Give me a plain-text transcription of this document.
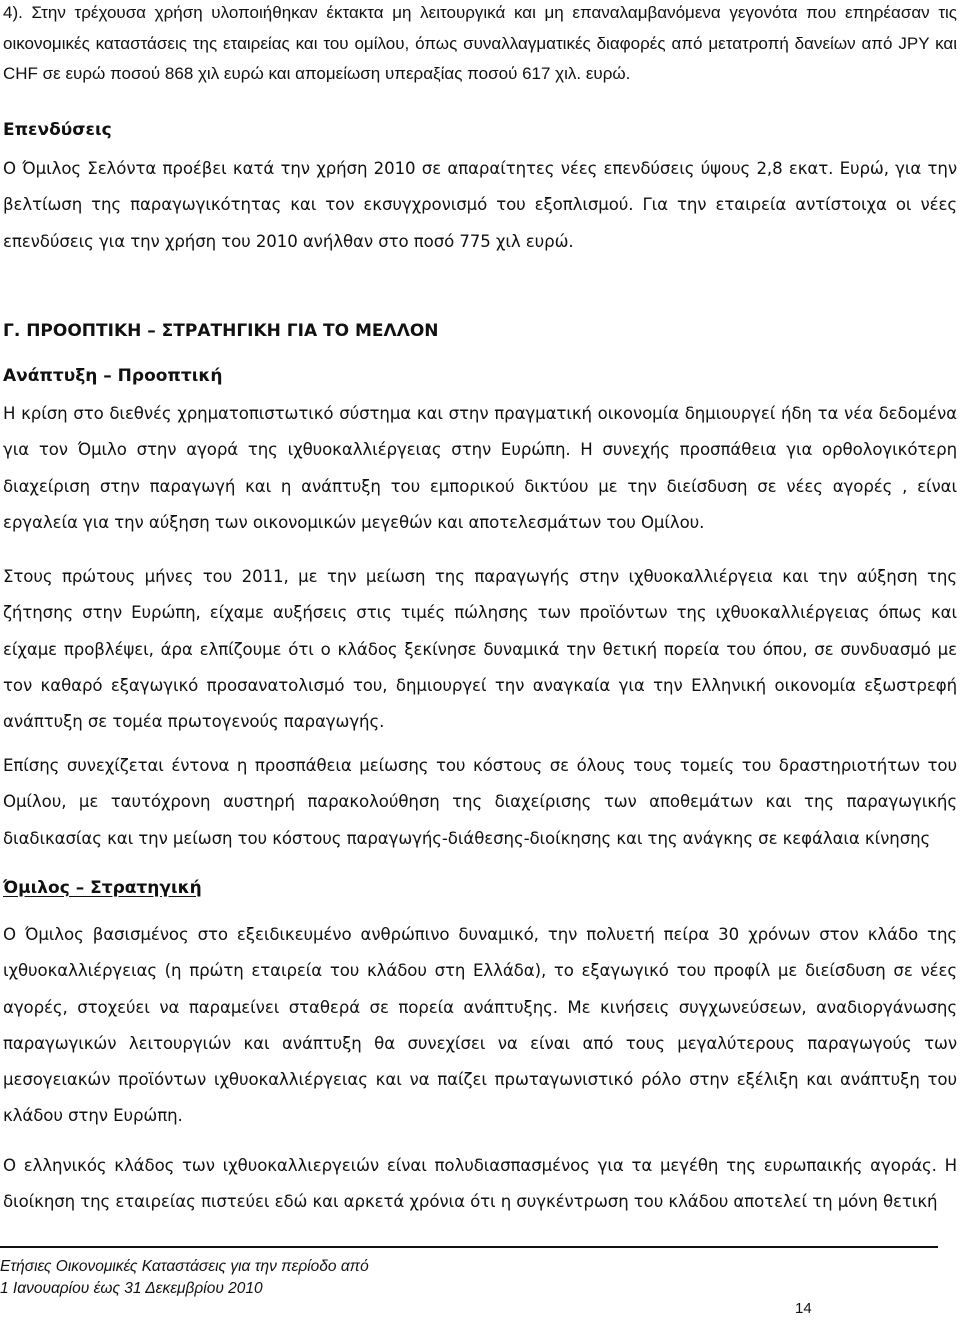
4). Στην τρέχουσα χρήση υλοποιήθηκαν έκτακτα μη λειτουργικά και μη επαναλαμβανόμενα γεγονότα που επηρέασαν τις οικονομικές καταστάσεις της εταιρείας και του ομίλου, όπως συναλλαγματικές διαφορές από μετατροπή δανείων από JPY και CHF σε ευρώ ποσού 868 χιλ ευρώ και απομείωση υπεραξίας ποσού 617 χιλ. ευρώ.

Επενδύσεις

Ο Όμιλος Σελόντα προέβει κατά την χρήση 2010 σε απαραίτητες νέες επενδύσεις ύψους 2,8 εκατ. Ευρώ, για την βελτίωση της παραγωγικότητας και τον εκσυγχρονισμό του εξοπλισμού. Για την εταιρεία αντίστοιχα οι νέες επενδύσεις για την χρήση του 2010 ανήλθαν στο ποσό 775 χιλ ευρώ.

Γ. ΠΡΟΟΠΤΙΚΗ – ΣΤΡΑΤΗΓΙΚΗ ΓΙΑ ΤΟ ΜΕΛΛΟΝ
Ανάπτυξη – Προοπτική

Η κρίση στο διεθνές χρηματοπιστωτικό σύστημα και στην πραγματική οικονομία δημιουργεί ήδη τα νέα δεδομένα για τον Όμιλο στην αγορά της ιχθυοκαλλιέργειας στην Ευρώπη. Η συνεχής προσπάθεια για ορθολογικότερη διαχείριση στην παραγωγή και η ανάπτυξη του εμπορικού δικτύου με την διείσδυση σε νέες αγορές , είναι εργαλεία για την αύξηση των οικονομικών μεγεθών και αποτελεσμάτων του Ομίλου.

Στους πρώτους μήνες του 2011, με την μείωση της παραγωγής στην ιχθυοκαλλιέργεια και την αύξηση της ζήτησης στην Ευρώπη, είχαμε αυξήσεις στις τιμές πώλησης των προϊόντων της ιχθυοκαλλιέργειας όπως και είχαμε προβλέψει, άρα ελπίζουμε ότι ο κλάδος ξεκίνησε δυναμικά την θετική πορεία του όπου, σε συνδυασμό με τον καθαρό εξαγωγικό προσανατολισμό του, δημιουργεί την αναγκαία για την Ελληνική οικονομία εξωστρεφή ανάπτυξη σε τομέα πρωτογενούς παραγωγής.

Επίσης συνεχίζεται έντονα η προσπάθεια μείωσης του κόστους σε όλους τους τομείς του δραστηριοτήτων του Ομίλου, με ταυτόχρονη αυστηρή παρακολούθηση της διαχείρισης των αποθεμάτων και της παραγωγικής διαδικασίας και την μείωση του κόστους παραγωγής-διάθεσης-διοίκησης και της ανάγκης σε κεφάλαια κίνησης

Όμιλος – Στρατηγική

Ο Όμιλος βασισμένος στο εξειδικευμένο ανθρώπινο δυναμικό, την πολυετή πείρα 30 χρόνων στον κλάδο της ιχθυοκαλλιέργειας (η πρώτη εταιρεία του κλάδου στη Ελλάδα), το εξαγωγικό του προφίλ με διείσδυση σε νέες αγορές, στοχεύει να παραμείνει σταθερά σε πορεία ανάπτυξης. Με κινήσεις συγχωνεύσεων, αναδιοργάνωσης παραγωγικών λειτουργιών και ανάπτυξη θα συνεχίσει να είναι από τους μεγαλύτερους παραγωγούς των μεσογειακών προϊόντων ιχθυοκαλλιέργειας και να παίζει πρωταγωνιστικό ρόλο στην εξέλιξη και ανάπτυξη του κλάδου στην Ευρώπη.

Ο ελληνικός κλάδος των ιχθυοκαλλιεργειών είναι πολυδιασπασμένος για τα μεγέθη της ευρωπαικής αγοράς. Η διοίκηση της εταιρείας πιστεύει εδώ και αρκετά χρόνια ότι η συγκέντρωση του κλάδου αποτελεί τη μόνη θετική

Ετήσιες Οικονομικές Καταστάσεις για την περίοδο από
1 Ιανουαρίου έως 31 Δεκεμβρίου 2010
14
